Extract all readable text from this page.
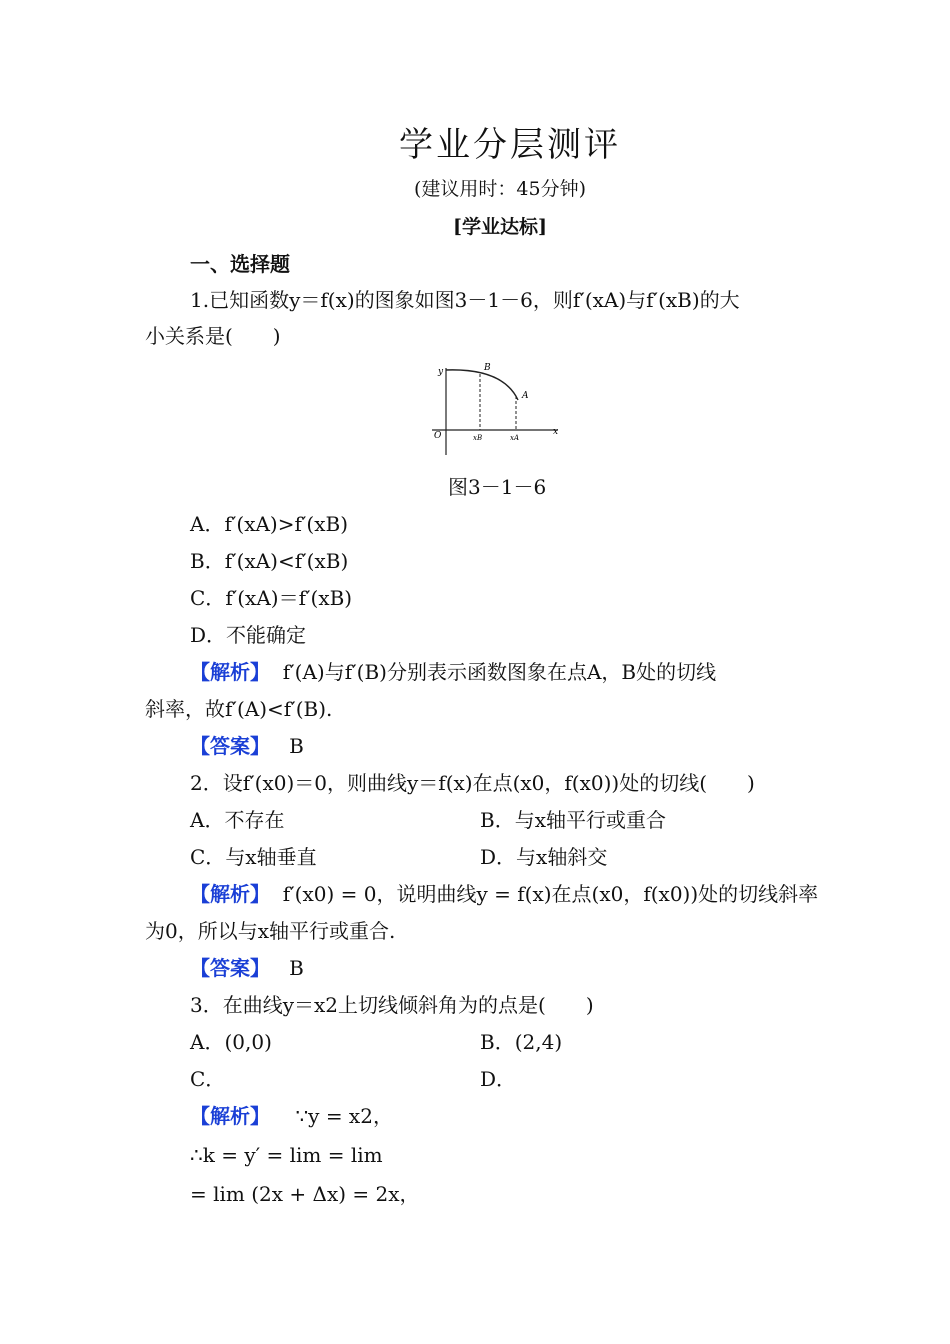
学业分层测评
(建议用时：45分钟)
[学业达标]
一、选择题
1.已知函数y＝f(x)的图象如图3－1－6，则f′(xA)与f′(xB)的大
小关系是(　　)
y
x
O
B
A
xB	xA
图3－1－6
A．f′(xA)>f′(xB)
B．f′(xA)<f′(xB)
C．f′(xA)＝f′(xB)
D．不能确定
【解析】 f′(A)与f′(B)分别表示函数图象在点A，B处的切线
斜率，故f′(A)<f′(B).
【答案】 B
2．设f′(x0)＝0，则曲线y＝f(x)在点(x0，f(x0))处的切线(　　)
A．不存在	B．与x轴平行或重合
C．与x轴垂直	D．与x轴斜交
【解析】 f′(x0) = 0，说明曲线y = f(x)在点(x0，f(x0))处的切线斜率
为0，所以与x轴平行或重合.
【答案】 B
3．在曲线y＝x2上切线倾斜角为的点是(　　)
A．(0,0)	B．(2,4)
C．	D．
【解析】 ∵y = x2，
∴k = y′ = lim = lim
= lim (2x + Δx) = 2x，
